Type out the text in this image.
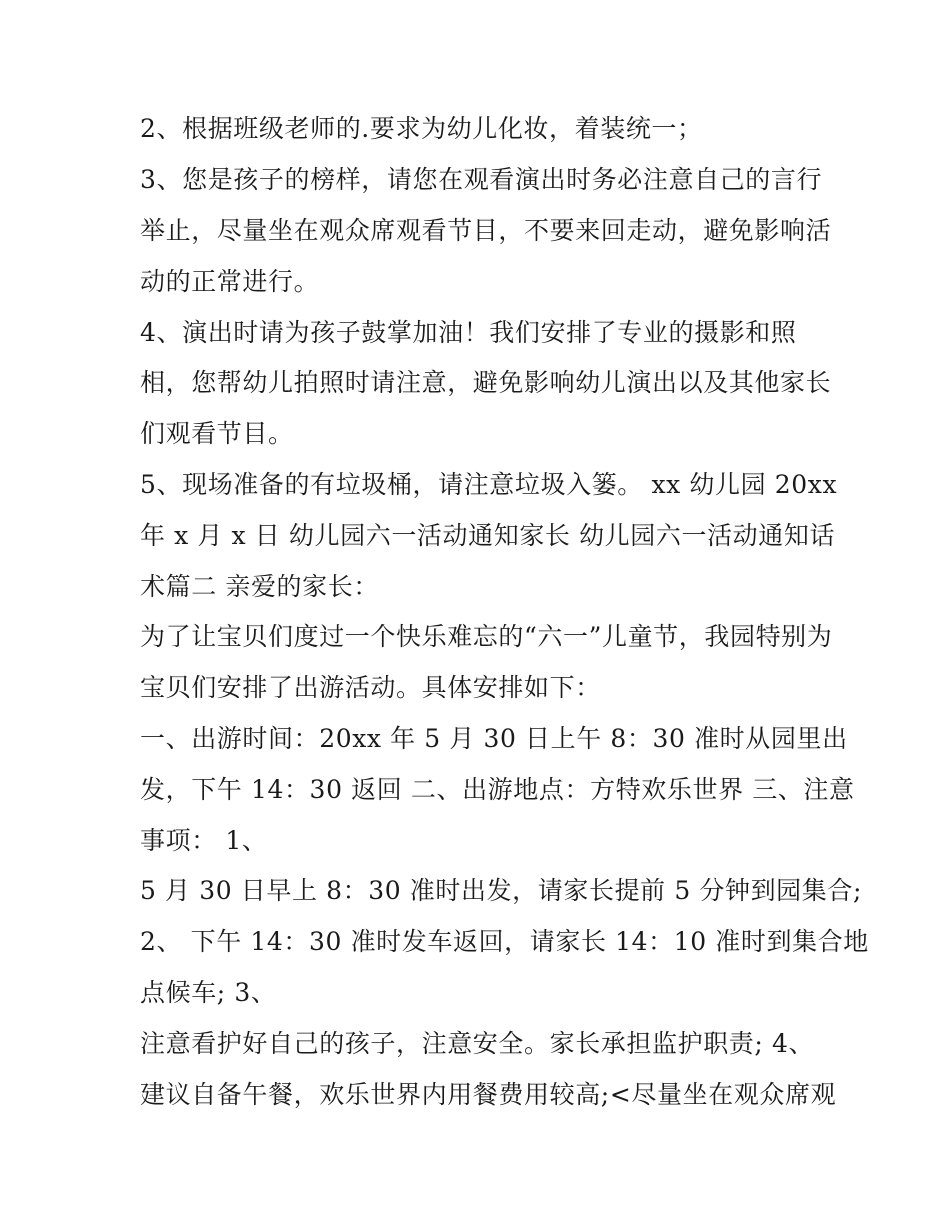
2、根据班级老师的.要求为幼儿化妆，着装统一；
3、您是孩子的榜样，请您在观看演出时务必注意自己的言行
举止，尽量坐在观众席观看节目，不要来回走动，避免影响活
动的正常进行。
4、演出时请为孩子鼓掌加油！我们安排了专业的摄影和照
相，您帮幼儿拍照时请注意，避免影响幼儿演出以及其他家长
们观看节目。
5、现场准备的有垃圾桶，请注意垃圾入篓。 xx 幼儿园 20xx
年 x 月 x 日 幼儿园六一活动通知家长 幼儿园六一活动通知话
术篇二 亲爱的家长：
为了让宝贝们度过一个快乐难忘的“六一”儿童节，我园特别为
宝贝们安排了出游活动。具体安排如下：
一、出游时间：20xx 年 5 月 30 日上午 8：30 准时从园里出
发，下午 14：30 返回 二、出游地点：方特欢乐世界 三、注意
事项： 1、
5 月 30 日早上 8：30 准时出发，请家长提前 5 分钟到园集合;
2、 下午 14：30 准时发车返回，请家长 14：10 准时到集合地
点候车; 3、
注意看护好自己的孩子，注意安全。家长承担监护职责; 4、
建议自备午餐，欢乐世界内用餐费用较高;<尽量坐在观众席观
